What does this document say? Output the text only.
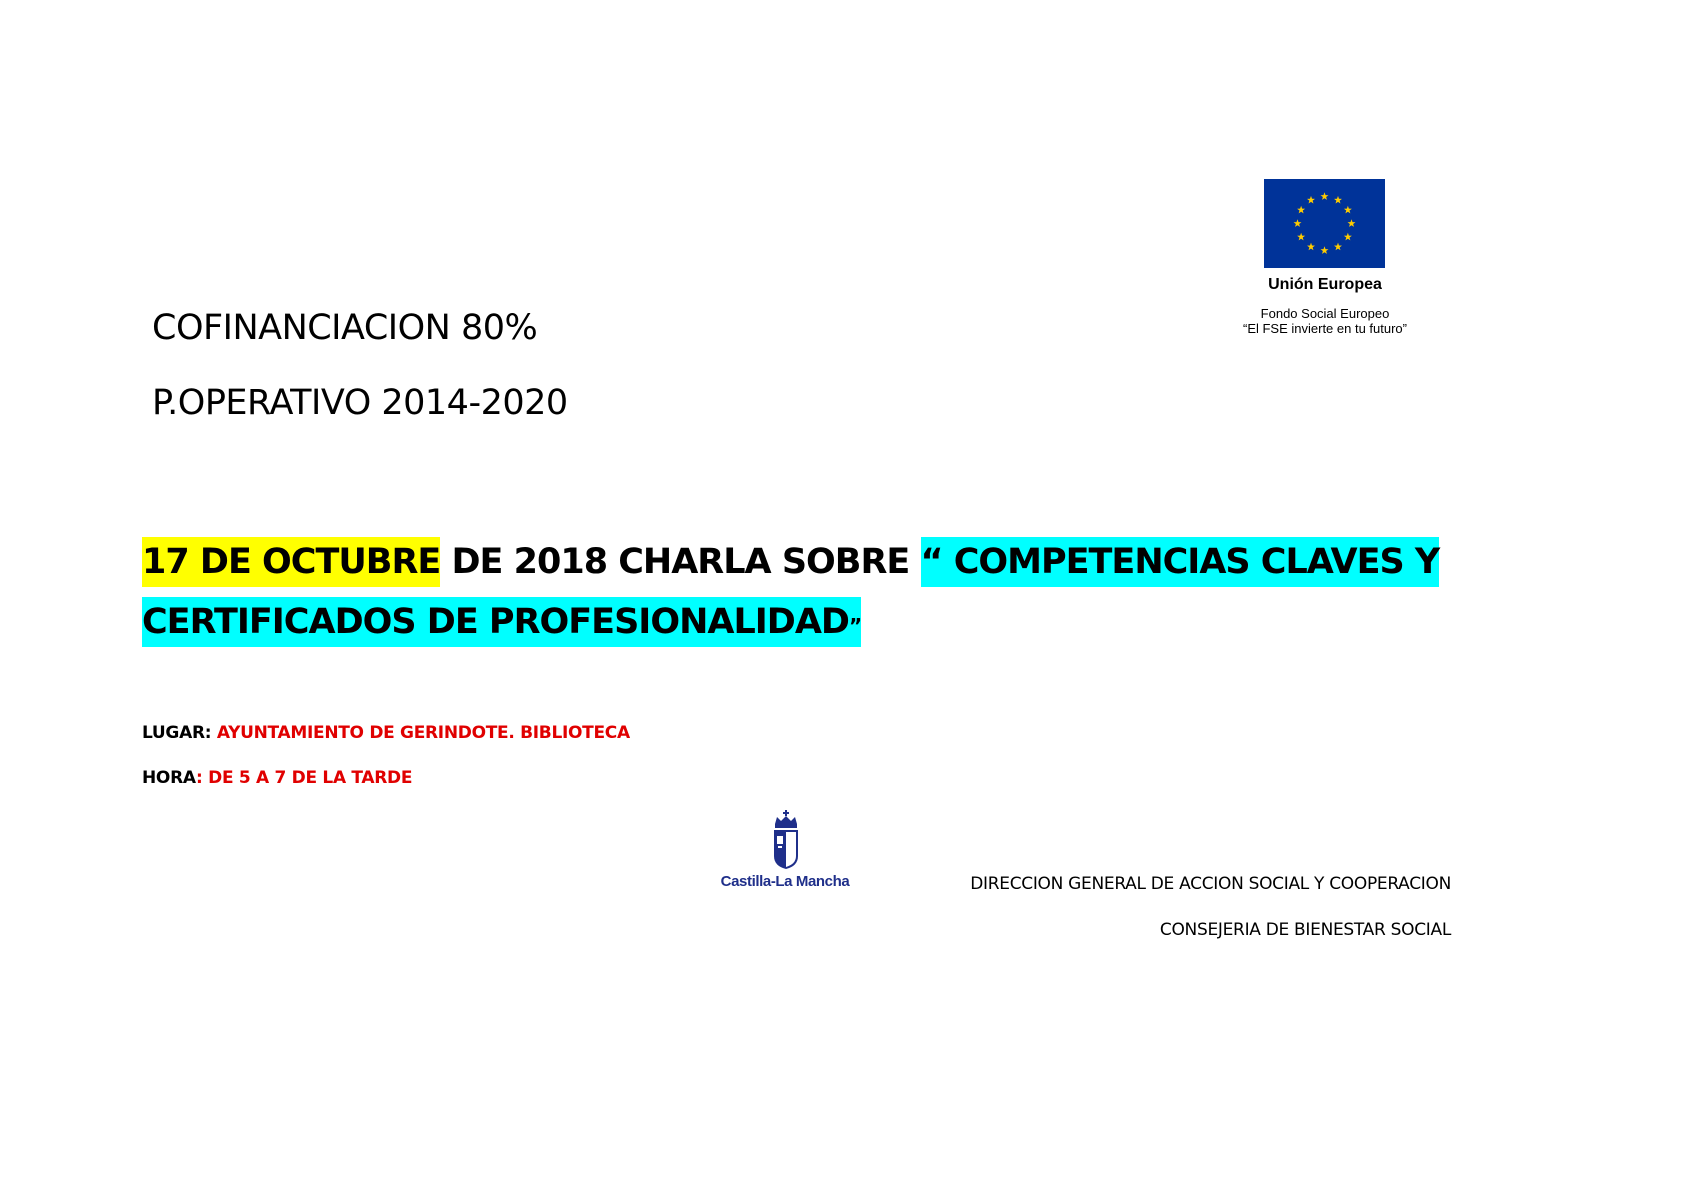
Unión Europea
Fondo Social Europeo
“El FSE invierte en tu futuro”
COFINANCIACION 80%
P.OPERATIVO 2014-2020
17 DE OCTUBRE DE 2018 CHARLA SOBRE “ COMPETENCIAS CLAVES Y
CERTIFICADOS DE PROFESIONALIDAD”
LUGAR: AYUNTAMIENTO DE GERINDOTE. BIBLIOTECA
HORA: DE 5 A 7 DE LA TARDE
Castilla-La Mancha	DIRECCION GENERAL DE ACCION SOCIAL Y COOPERACION
CONSEJERIA DE BIENESTAR SOCIAL
